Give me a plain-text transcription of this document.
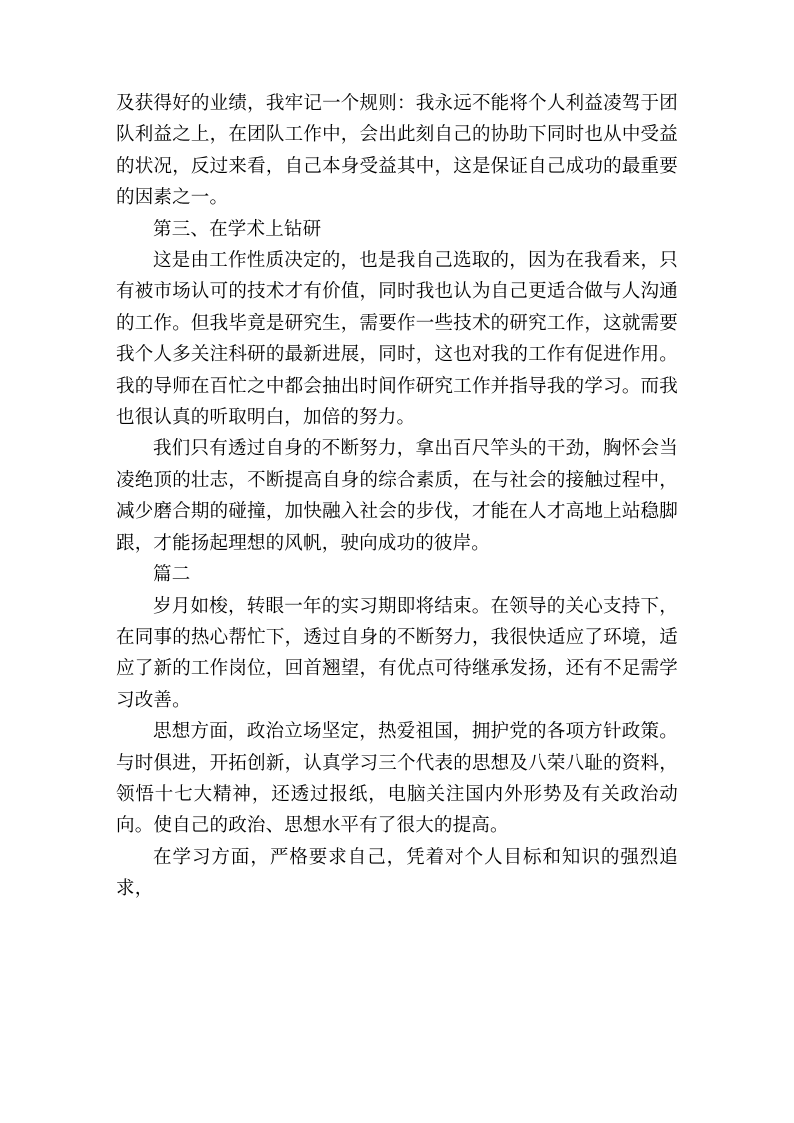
及获得好的业绩，我牢记一个规则：我永远不能将个人利益凌驾于团队利益之上，在团队工作中，会出此刻自己的协助下同时也从中受益的状况，反过来看，自己本身受益其中，这是保证自己成功的最重要的因素之一。

第三、在学术上钻研

这是由工作性质决定的，也是我自己选取的，因为在我看来，只有被市场认可的技术才有价值，同时我也认为自己更适合做与人沟通的工作。但我毕竟是研究生，需要作一些技术的研究工作，这就需要我个人多关注科研的最新进展，同时，这也对我的工作有促进作用。我的导师在百忙之中都会抽出时间作研究工作并指导我的学习。而我也很认真的听取明白，加倍的努力。

我们只有透过自身的不断努力，拿出百尺竿头的干劲，胸怀会当凌绝顶的壮志，不断提高自身的综合素质，在与社会的接触过程中，减少磨合期的碰撞，加快融入社会的步伐，才能在人才高地上站稳脚跟，才能扬起理想的风帆，驶向成功的彼岸。

篇二

岁月如梭，转眼一年的实习期即将结束。在领导的关心支持下，在同事的热心帮忙下，透过自身的不断努力，我很快适应了环境，适应了新的工作岗位，回首翘望，有优点可待继承发扬，还有不足需学习改善。

思想方面，政治立场坚定，热爱祖国，拥护党的各项方针政策。与时俱进，开拓创新，认真学习三个代表的思想及八荣八耻的资料，领悟十七大精神，还透过报纸，电脑关注国内外形势及有关政治动向。使自己的政治、思想水平有了很大的提高。

在学习方面，严格要求自己，凭着对个人目标和知识的强烈追求，
